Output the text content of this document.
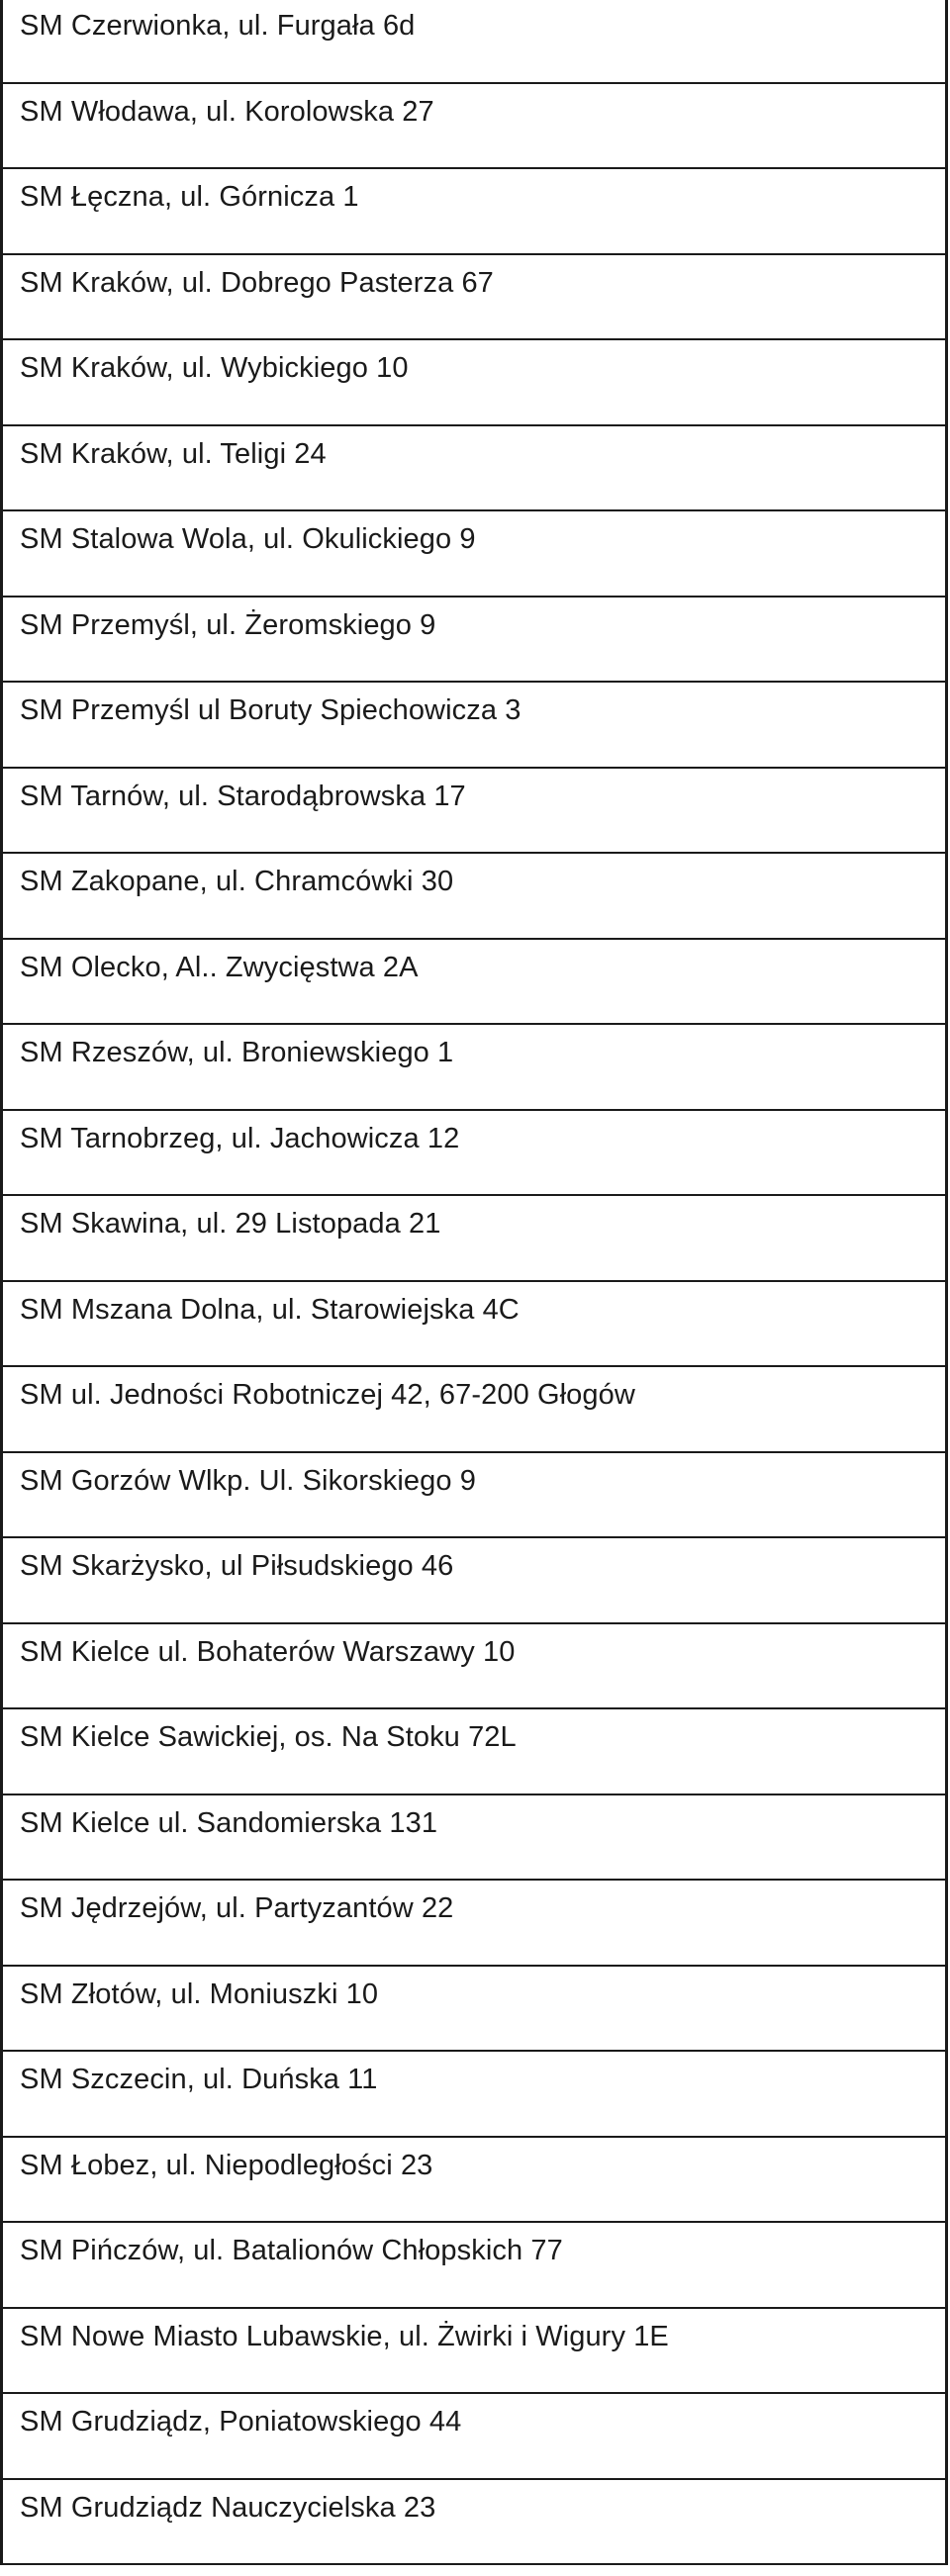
SM Czerwionka, ul. Furgała 6d
SM Włodawa, ul. Korolowska 27
SM Łęczna, ul. Górnicza 1
SM Kraków, ul. Dobrego Pasterza 67
SM Kraków, ul. Wybickiego 10
SM Kraków, ul. Teligi 24
SM Stalowa Wola, ul. Okulickiego 9
SM Przemyśl, ul. Żeromskiego 9
SM Przemyśl ul Boruty Spiechowicza 3
SM Tarnów, ul. Starodąbrowska 17
SM Zakopane, ul. Chramcówki 30
SM Olecko, Al.. Zwycięstwa 2A
SM Rzeszów, ul. Broniewskiego 1
SM Tarnobrzeg, ul. Jachowicza 12
SM Skawina, ul. 29 Listopada 21
SM Mszana Dolna, ul. Starowiejska 4C
SM ul. Jedności Robotniczej 42, 67-200 Głogów
SM Gorzów Wlkp. Ul. Sikorskiego 9
SM Skarżysko, ul Piłsudskiego 46
SM Kielce ul. Bohaterów Warszawy 10
SM Kielce Sawickiej, os. Na Stoku 72L
SM Kielce ul. Sandomierska 131
SM Jędrzejów, ul. Partyzantów 22
SM Złotów, ul. Moniuszki 10
SM Szczecin, ul. Duńska 11
SM Łobez, ul. Niepodległości 23
SM Pińczów, ul. Batalionów Chłopskich 77
SM Nowe Miasto Lubawskie, ul. Żwirki i Wigury 1E
SM Grudziądz, Poniatowskiego 44
SM Grudziądz Nauczycielska 23
